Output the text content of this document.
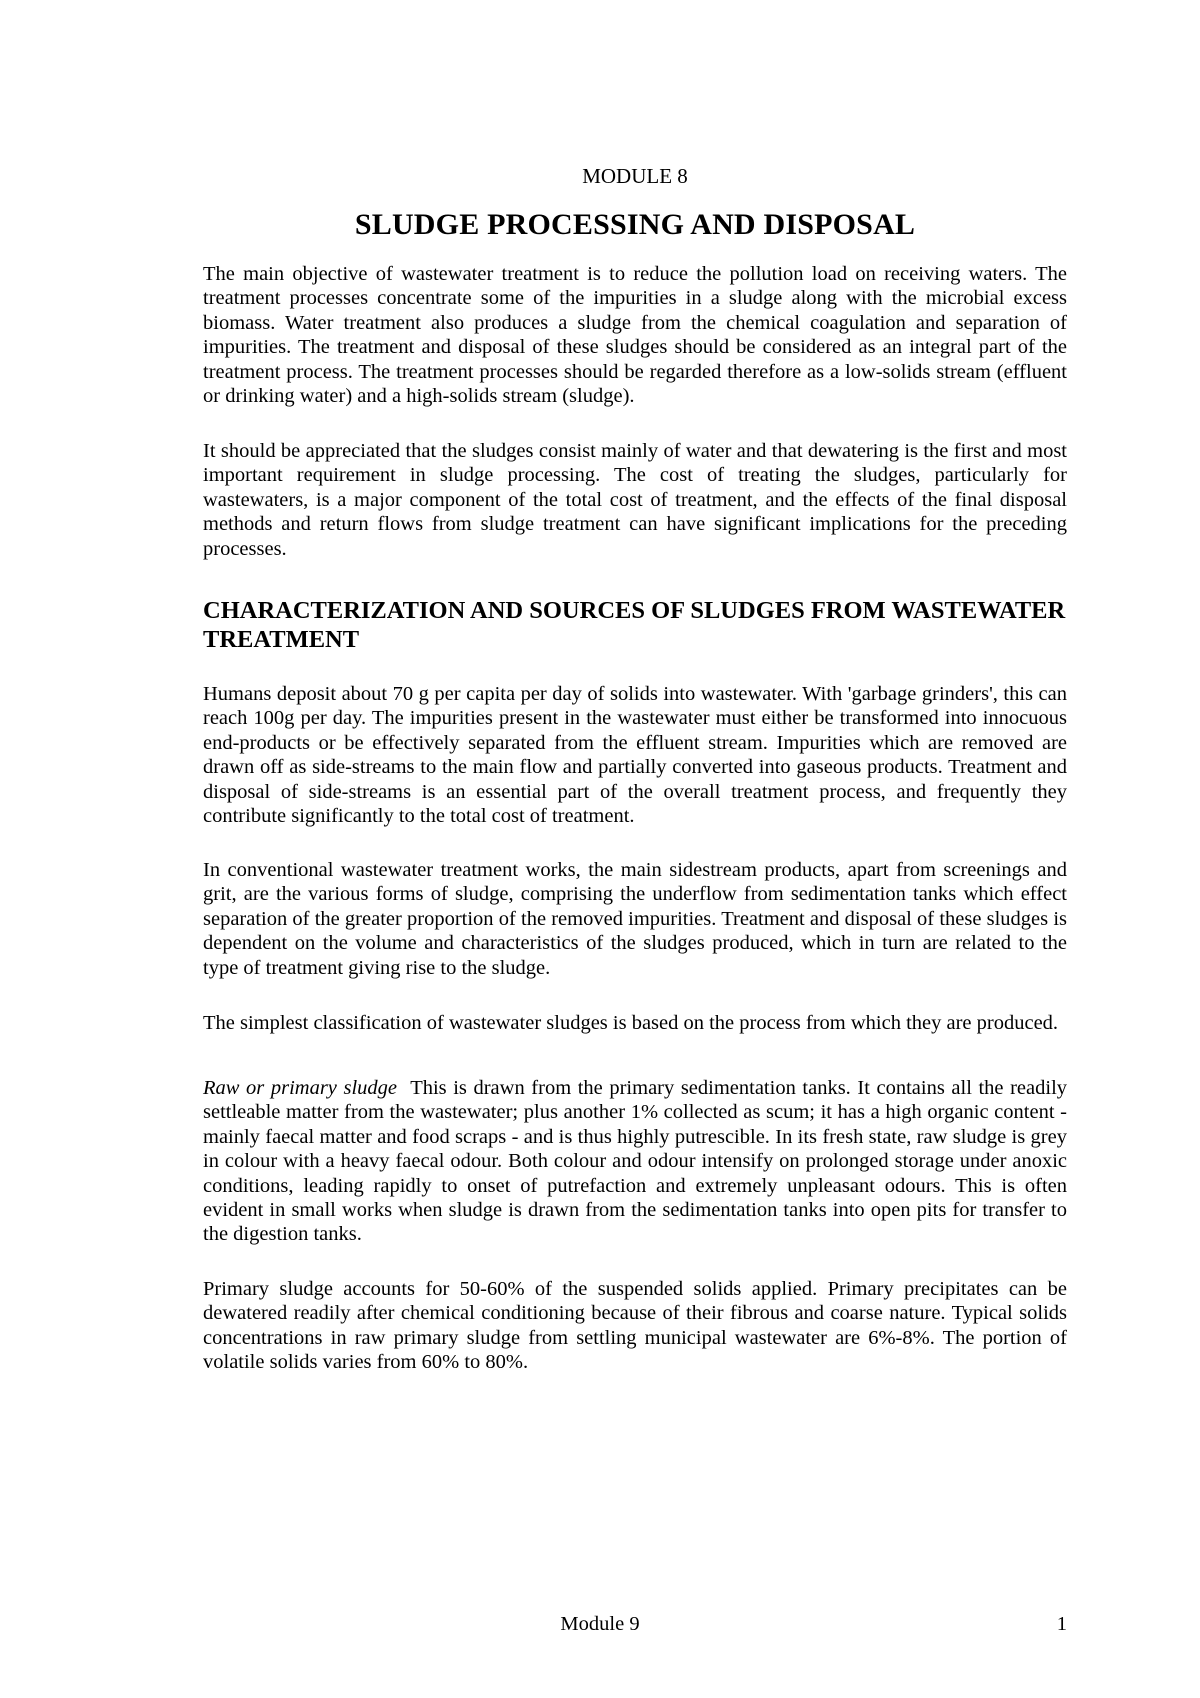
MODULE 8
SLUDGE PROCESSING AND DISPOSAL

The main objective of wastewater treatment is to reduce the pollution load on receiving waters. The treatment processes concentrate some of the impurities in a sludge along with the microbial excess biomass. Water treatment also produces a sludge from the chemical coagulation and separation of impurities. The treatment and disposal of these sludges should be considered as an integral part of the treatment process. The treatment processes should be regarded therefore as a low-solids stream (effluent or drinking water) and a high-solids stream (sludge).

It should be appreciated that the sludges consist mainly of water and that dewatering is the first and most important requirement in sludge processing. The cost of treating the sludges, particularly for wastewaters, is a major component of the total cost of treatment, and the effects of the final disposal methods and return flows from sludge treatment can have significant implications for the preceding processes.

CHARACTERIZATION AND SOURCES OF SLUDGES FROM WASTEWATER TREATMENT

Humans deposit about 70 g per capita per day of solids into wastewater. With 'garbage grinders', this can reach 100g per day. The impurities present in the wastewater must either be transformed into innocuous end-products or be effectively separated from the effluent stream. Impurities which are removed are drawn off as side-streams to the main flow and partially converted into gaseous products. Treatment and disposal of side-streams is an essential part of the overall treatment process, and frequently they contribute significantly to the total cost of treatment.

In conventional wastewater treatment works, the main sidestream products, apart from screenings and grit, are the various forms of sludge, comprising the underflow from sedimentation tanks which effect separation of the greater proportion of the removed impurities. Treatment and disposal of these sludges is dependent on the volume and characteristics of the sludges produced, which in turn are related to the type of treatment giving rise to the sludge.

The simplest classification of wastewater sludges is based on the process from which they are produced.

Raw or primary sludge This is drawn from the primary sedimentation tanks. It contains all the readily settleable matter from the wastewater; plus another 1% collected as scum; it has a high organic content - mainly faecal matter and food scraps - and is thus highly putrescible. In its fresh state, raw sludge is grey in colour with a heavy faecal odour. Both colour and odour intensify on prolonged storage under anoxic conditions, leading rapidly to onset of putrefaction and extremely unpleasant odours. This is often evident in small works when sludge is drawn from the sedimentation tanks into open pits for transfer to the digestion tanks.

Primary sludge accounts for 50-60% of the suspended solids applied. Primary precipitates can be dewatered readily after chemical conditioning because of their fibrous and coarse nature. Typical solids concentrations in raw primary sludge from settling municipal wastewater are 6%-8%. The portion of volatile solids varies from 60% to 80%.

Module 9	1
